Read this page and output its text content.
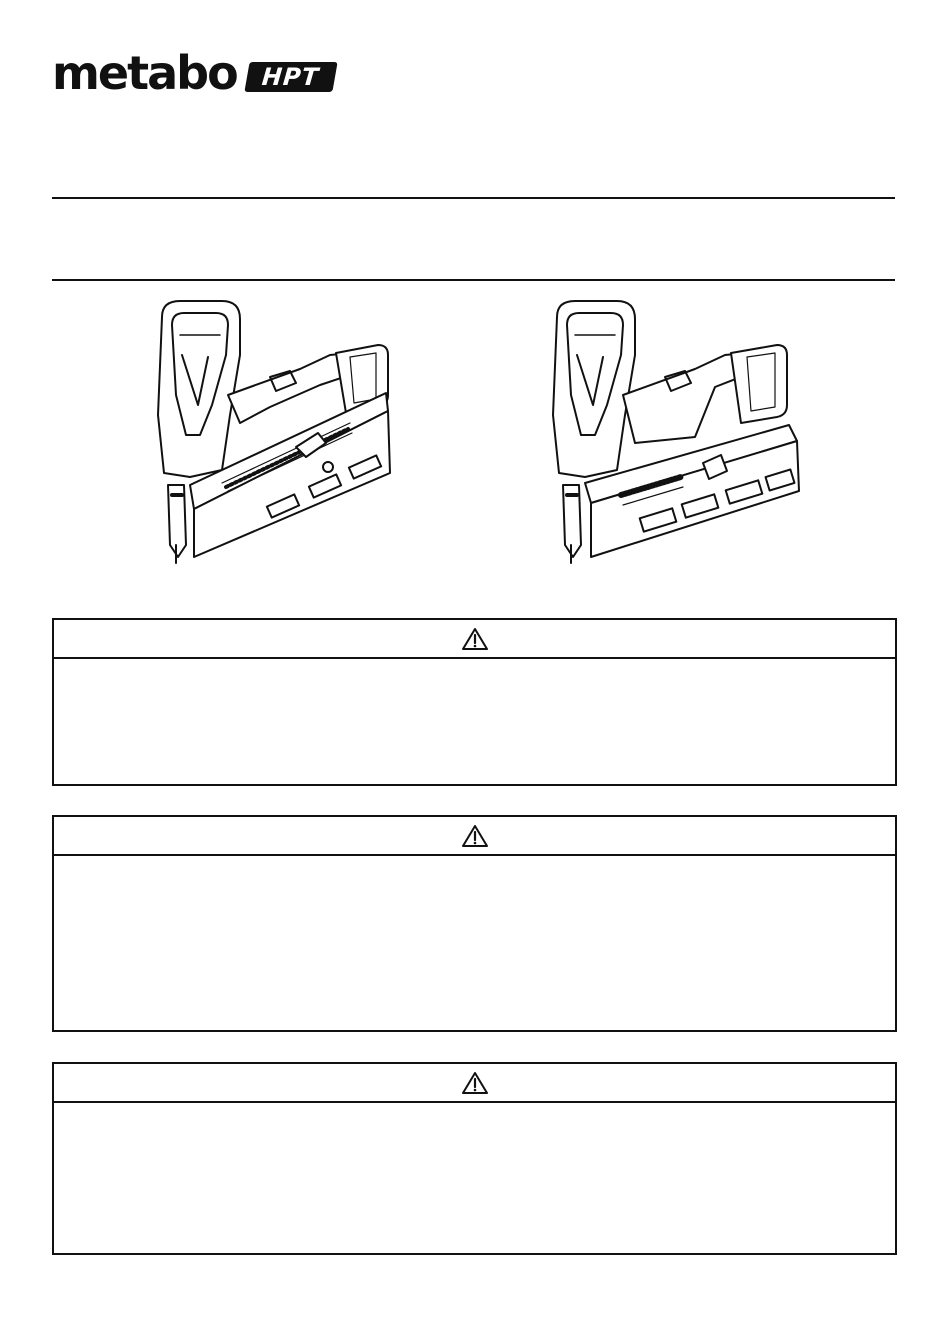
metabo HPT
